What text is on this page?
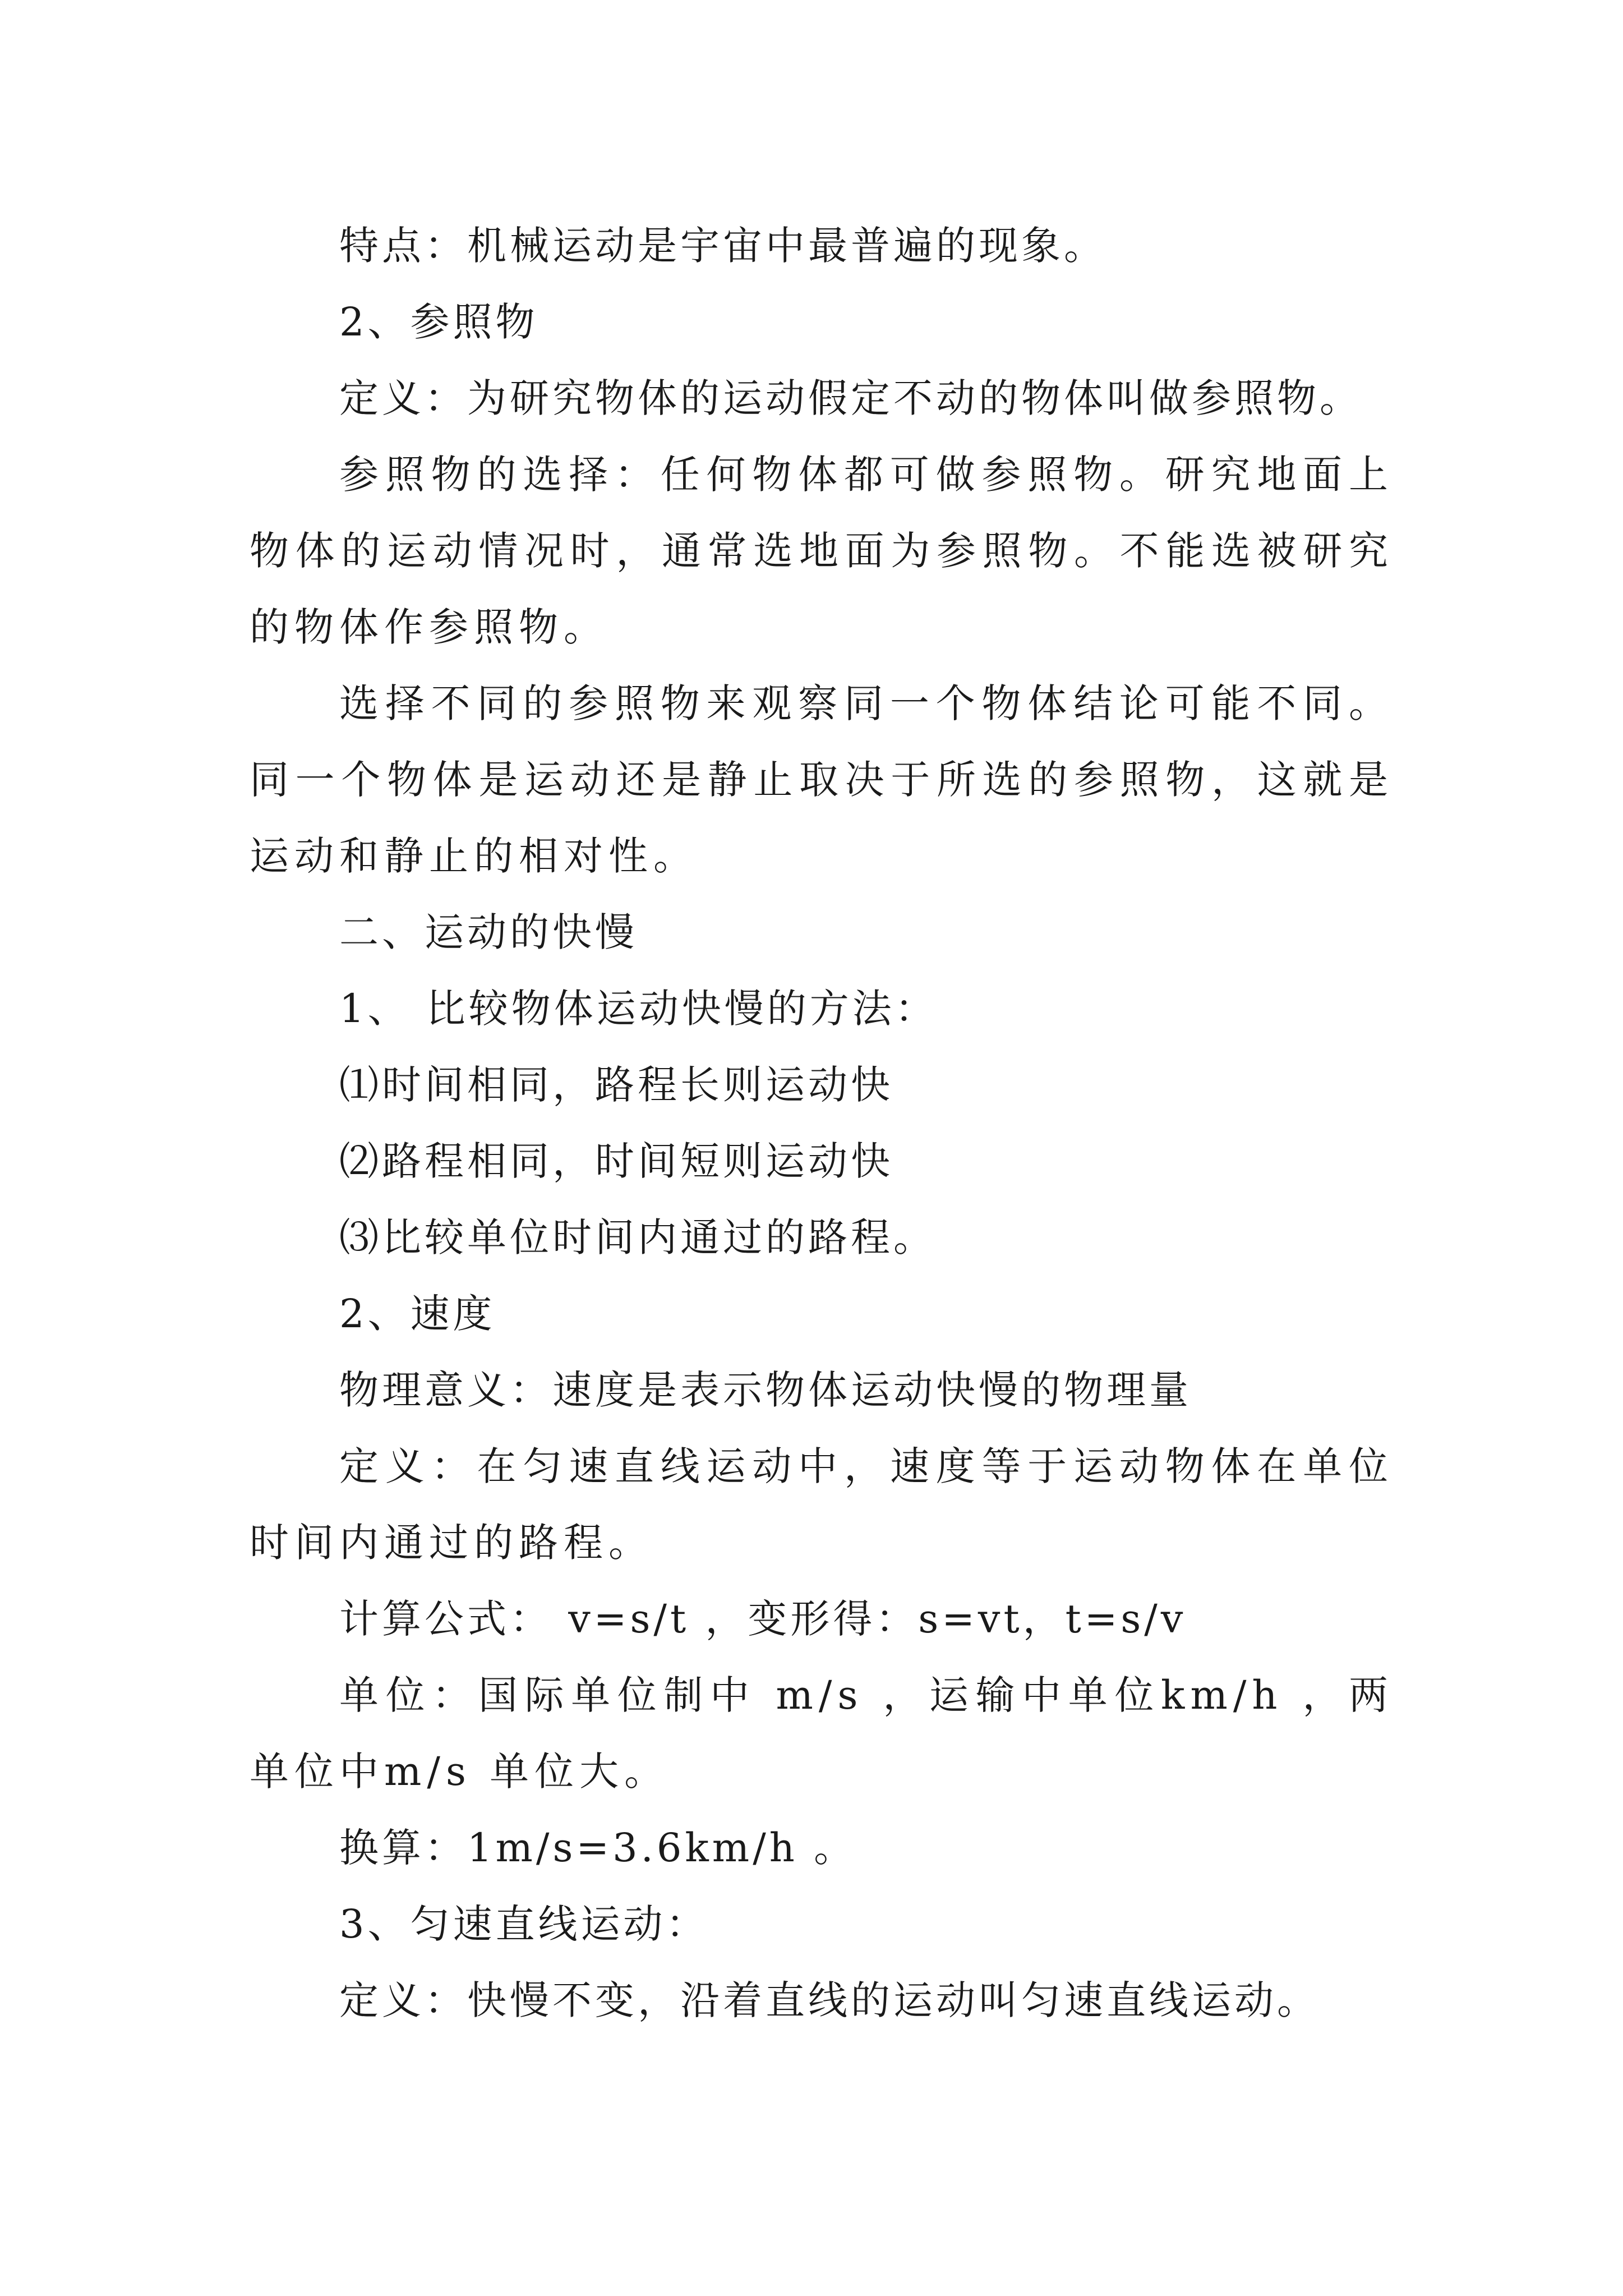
特点：机械运动是宇宙中最普遍的现象。

2、参照物

定义：为研究物体的运动假定不动的物体叫做参照物。

参照物的选择：任何物体都可做参照物。研究地面上物体的运动情况时，通常选地面为参照物。不能选被研究的物体作参照物。

选择不同的参照物来观察同一个物体结论可能不同。同一个物体是运动还是静止取决于所选的参照物，这就是运动和静止的相对性。

二、运动的快慢

1、 比较物体运动快慢的方法：

⑴时间相同，路程长则运动快

⑵路程相同，时间短则运动快

⑶比较单位时间内通过的路程。

2、速度

物理意义：速度是表示物体运动快慢的物理量

定义：在匀速直线运动中，速度等于运动物体在单位时间内通过的路程。

计算公式： v=s/t ，变形得：s=vt，t=s/v

单位：国际单位制中 m/s ，运输中单位km/h ，两单位中m/s 单位大。

换算：1m/s=3.6km/h 。

3、匀速直线运动：

定义：快慢不变，沿着直线的运动叫匀速直线运动。
